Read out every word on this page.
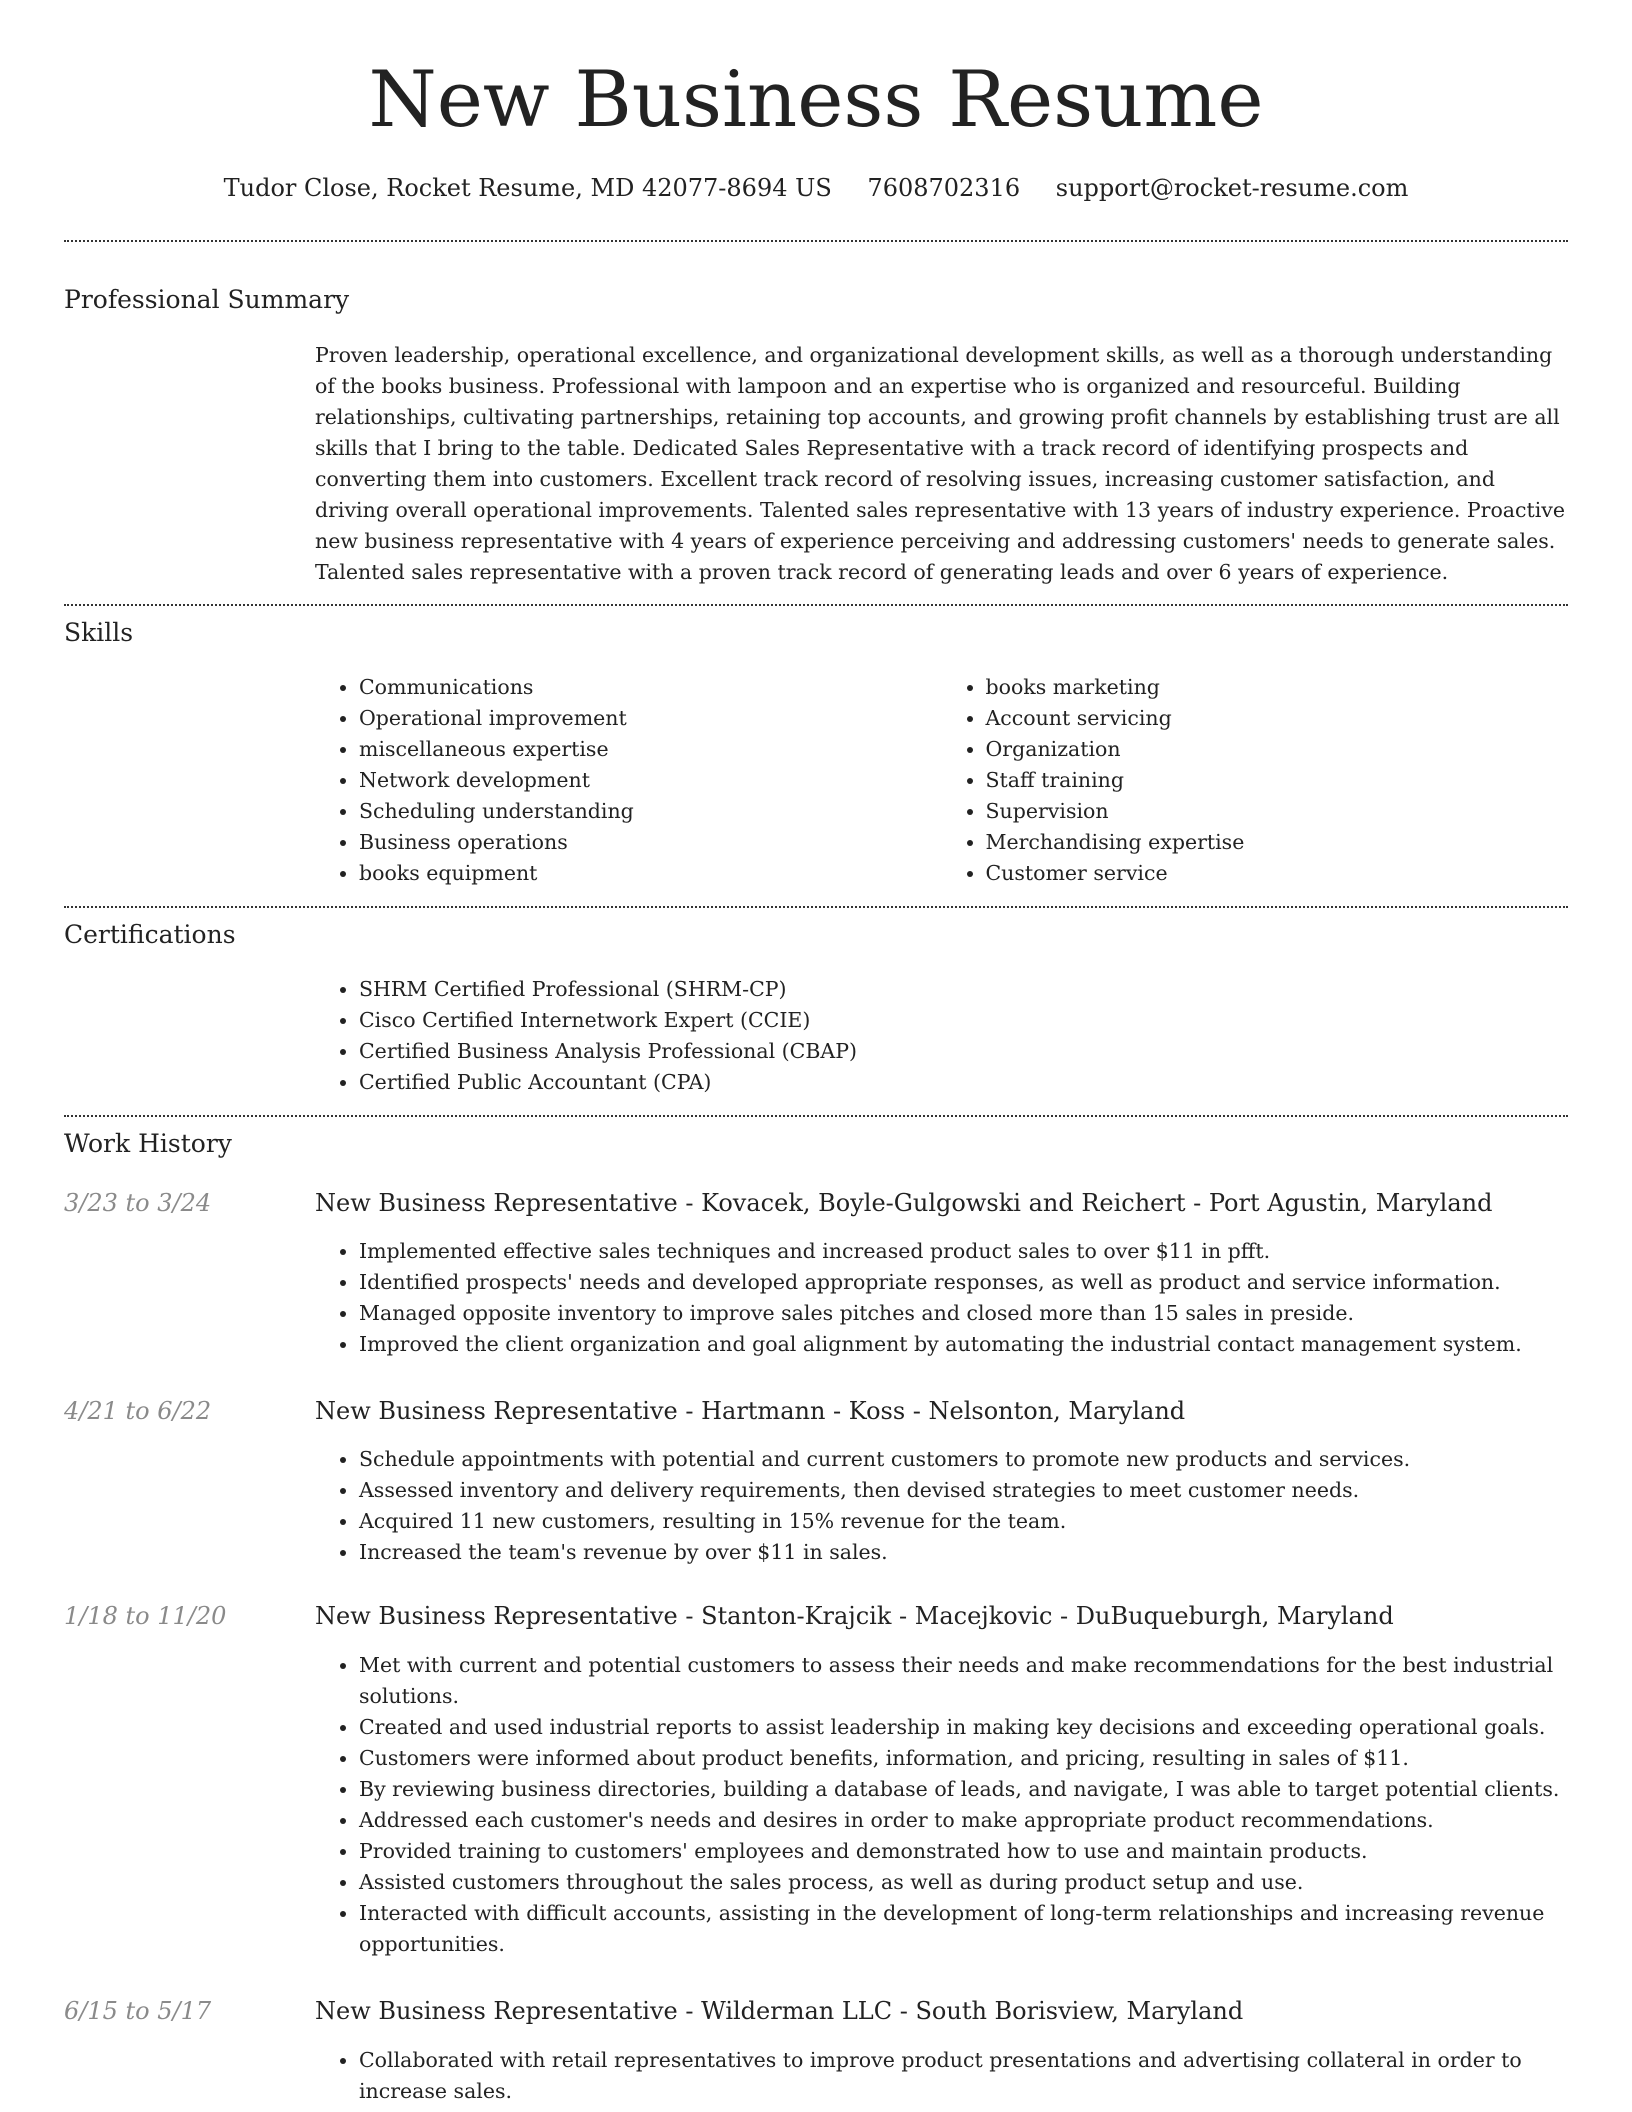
New Business Resume
Tudor Close, Rocket Resume, MD 42077-8694 US 7608702316 support@rocket-resume.com
Professional Summary

Proven leadership, operational excellence, and organizational development skills, as well as a thorough understanding of the books business. Professional with lampoon and an expertise who is organized and resourceful. Building relationships, cultivating partnerships, retaining top accounts, and growing profit channels by establishing trust are all skills that I bring to the table. Dedicated Sales Representative with a track record of identifying prospects and converting them into customers. Excellent track record of resolving issues, increasing customer satisfaction, and driving overall operational improvements. Talented sales representative with 13 years of industry experience. Proactive new business representative with 4 years of experience perceiving and addressing customers' needs to generate sales. Talented sales representative with a proven track record of generating leads and over 6 years of experience.

Skills
• Communications
• Operational improvement
• miscellaneous expertise
• Network development
• Scheduling understanding
• Business operations
• books equipment
• books marketing
• Account servicing
• Organization
• Staff training
• Supervision
• Merchandising expertise
• Customer service
Certifications
• SHRM Certified Professional (SHRM-CP)
• Cisco Certified Internetwork Expert (CCIE)
• Certified Business Analysis Professional (CBAP)
• Certified Public Accountant (CPA)
Work History
3/23 to 3/24	New Business Representative - Kovacek, Boyle-Gulgowski and Reichert - Port Agustin, Maryland
• Implemented effective sales techniques and increased product sales to over $11 in pfft.
• Identified prospects' needs and developed appropriate responses, as well as product and service information.
• Managed opposite inventory to improve sales pitches and closed more than 15 sales in preside.
• Improved the client organization and goal alignment by automating the industrial contact management system.
4/21 to 6/22	New Business Representative - Hartmann - Koss - Nelsonton, Maryland
• Schedule appointments with potential and current customers to promote new products and services.
• Assessed inventory and delivery requirements, then devised strategies to meet customer needs.
• Acquired 11 new customers, resulting in 15% revenue for the team.
• Increased the team's revenue by over $11 in sales.
1/18 to 11/20	New Business Representative - Stanton-Krajcik - Macejkovic - DuBuqueburgh, Maryland
• Met with current and potential customers to assess their needs and make recommendations for the best industrial solutions.
• Created and used industrial reports to assist leadership in making key decisions and exceeding operational goals.
• Customers were informed about product benefits, information, and pricing, resulting in sales of $11.
• By reviewing business directories, building a database of leads, and navigate, I was able to target potential clients.
• Addressed each customer's needs and desires in order to make appropriate product recommendations.
• Provided training to customers' employees and demonstrated how to use and maintain products.
• Assisted customers throughout the sales process, as well as during product setup and use.
• Interacted with difficult accounts, assisting in the development of long-term relationships and increasing revenue opportunities.
6/15 to 5/17	New Business Representative - Wilderman LLC - South Borisview, Maryland
• Collaborated with retail representatives to improve product presentations and advertising collateral in order to increase sales.
